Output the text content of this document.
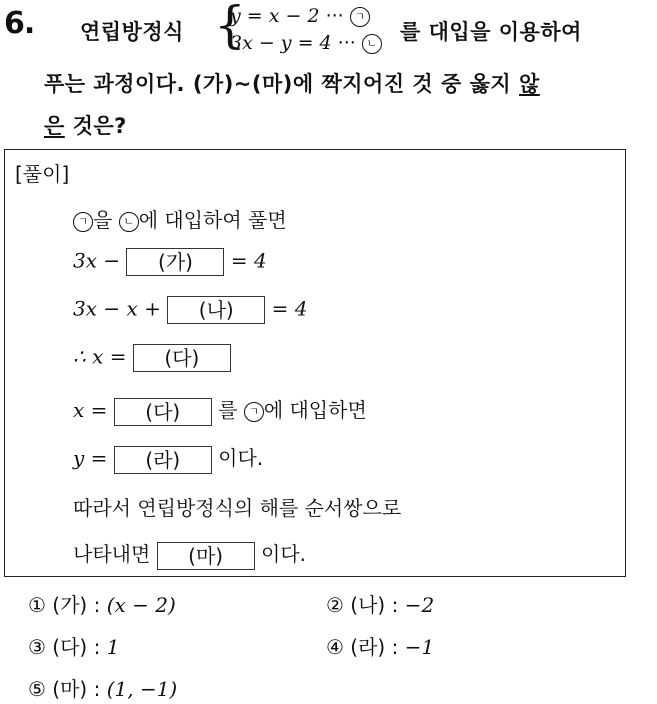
6. 연립방정식 {
y = x − 2 ··· ㄱ
3x − y = 4 ··· ㄴ 를 대입을 이용하여
푸는 과정이다. (가)~(마)에 짝지어진 것 중 옳지 않
은 것은?
[풀이]
ㄱ 을 ㄴ 에 대입하여 풀면
3x − (가) = 4
3x − x + (나) = 4
∴ x = (다)
x = (다) 를 ㄱ 에 대입하면
y = (라) 이다.
따라서 연립방정식의 해를 순서쌍으로
나타내면 (마) 이다.
① (가) : (x − 2)	② (나) : −2
③ (다) : 1	④ (라) : −1
⑤ (마) : (1, −1)
